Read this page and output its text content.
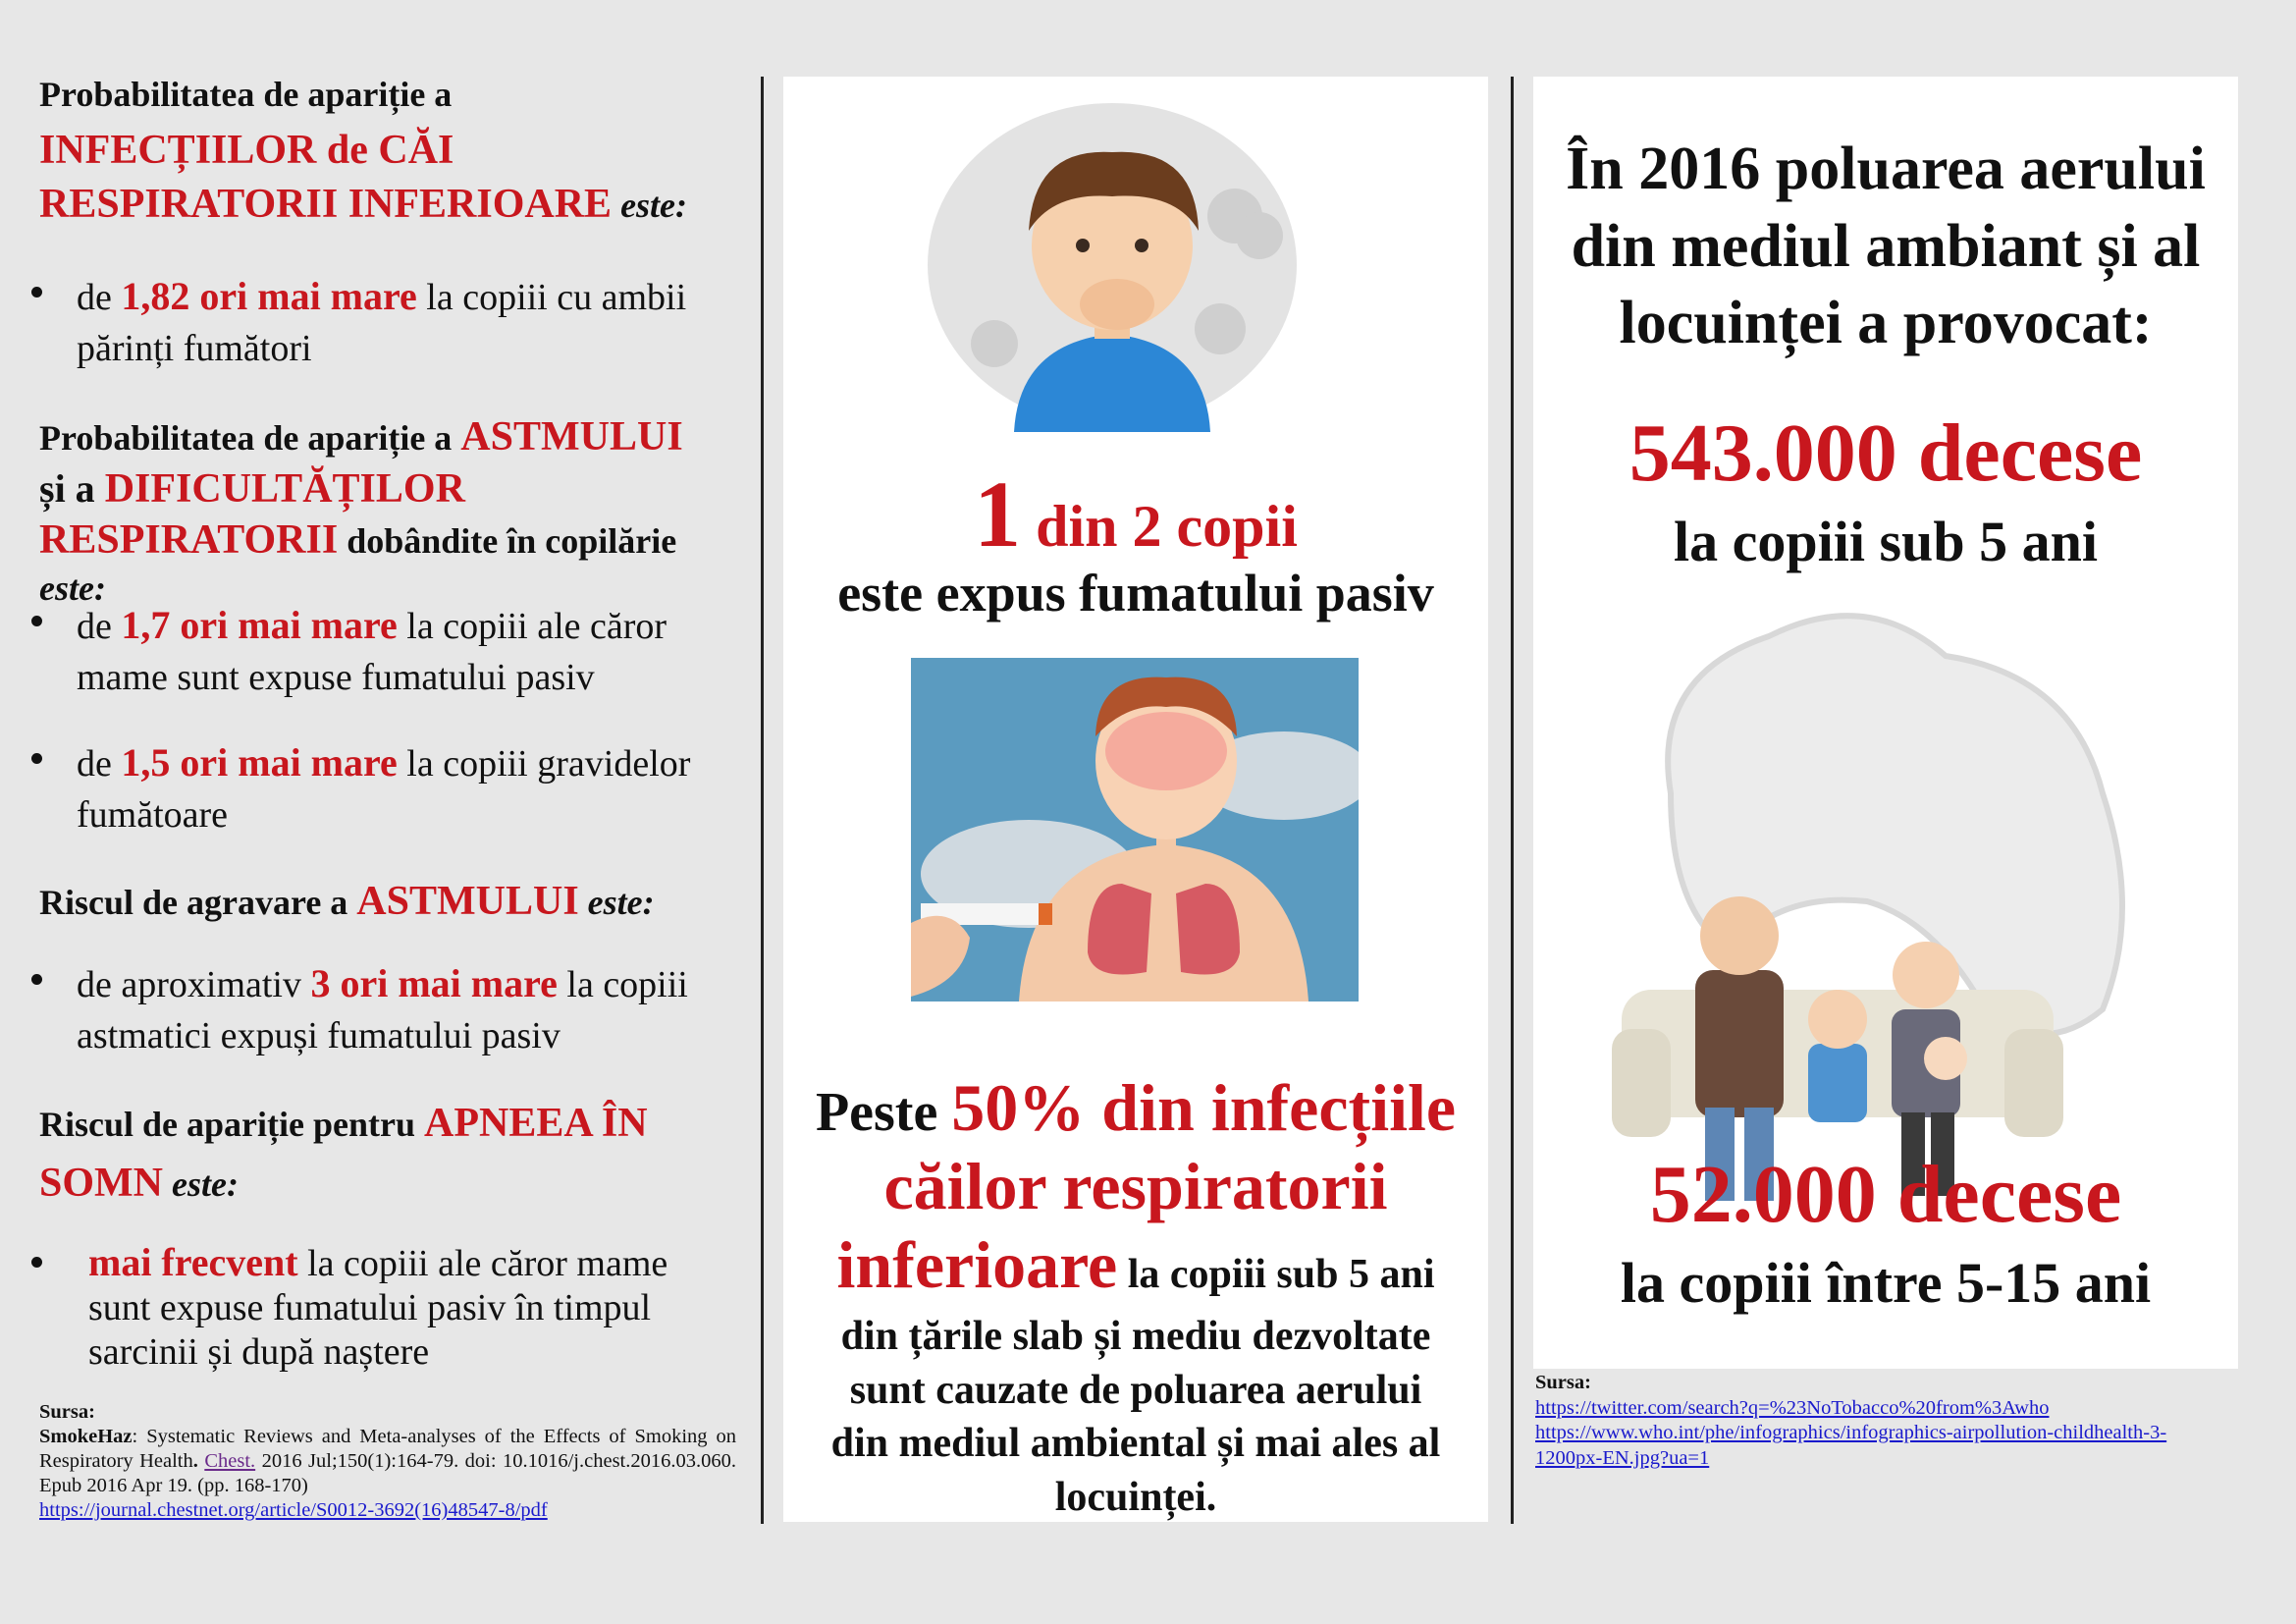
Probabilitatea de apariție a
INFECȚIILOR de CĂI
RESPIRATORII INFERIOARE este:
de 1,82 ori mai mare la copiii cu ambii
părinți fumători
Probabilitatea de apariție a ASTMULUI
și a DIFICULTĂȚILOR
RESPIRATORII dobândite în copilărie
este:
de 1,7 ori mai mare la copiii ale căror
mame sunt expuse fumatului pasiv
de 1,5 ori mai mare la copiii gravidelor
fumătoare
Riscul de agravare a ASTMULUI este:
de aproximativ 3 ori mai mare la copiii
astmatici expuși fumatului pasiv
Riscul de apariție pentru APNEEA ÎN
SOMN este:
mai frecvent la copiii ale căror mame
sunt expuse fumatului pasiv în timpul
sarcinii și după naștere
Sursa:
SmokeHaz: Systematic Reviews and Meta-analyses of the Effects of Smoking on Respiratory Health. Chest. 2016 Jul;150(1):164-79. doi: 10.1016/j.chest.2016.03.060. Epub 2016 Apr 19. (pp. 168-170)
https://journal.chestnet.org/article/S0012-3692(16)48547-8/pdf
1 din 2 copii
este expus fumatului pasiv
Peste 50% din infecțiile
căilor respiratorii
inferioare la copiii sub 5 ani
din țările slab și mediu dezvoltate
sunt cauzate de poluarea aerului
din mediul ambiental și mai ales al
locuinței.
În 2016 poluarea aerului
din mediul ambiant și al
locuinței a provocat:
543.000 decese
la copiii sub 5 ani
52.000 decese
la copiii între 5-15 ani
Sursa:
https://twitter.com/search?q=%23NoTobacco%20from%3Awho
https://www.who.int/phe/infographics/infographics-airpollution-childhealth-3-
1200px-EN.jpg?ua=1
